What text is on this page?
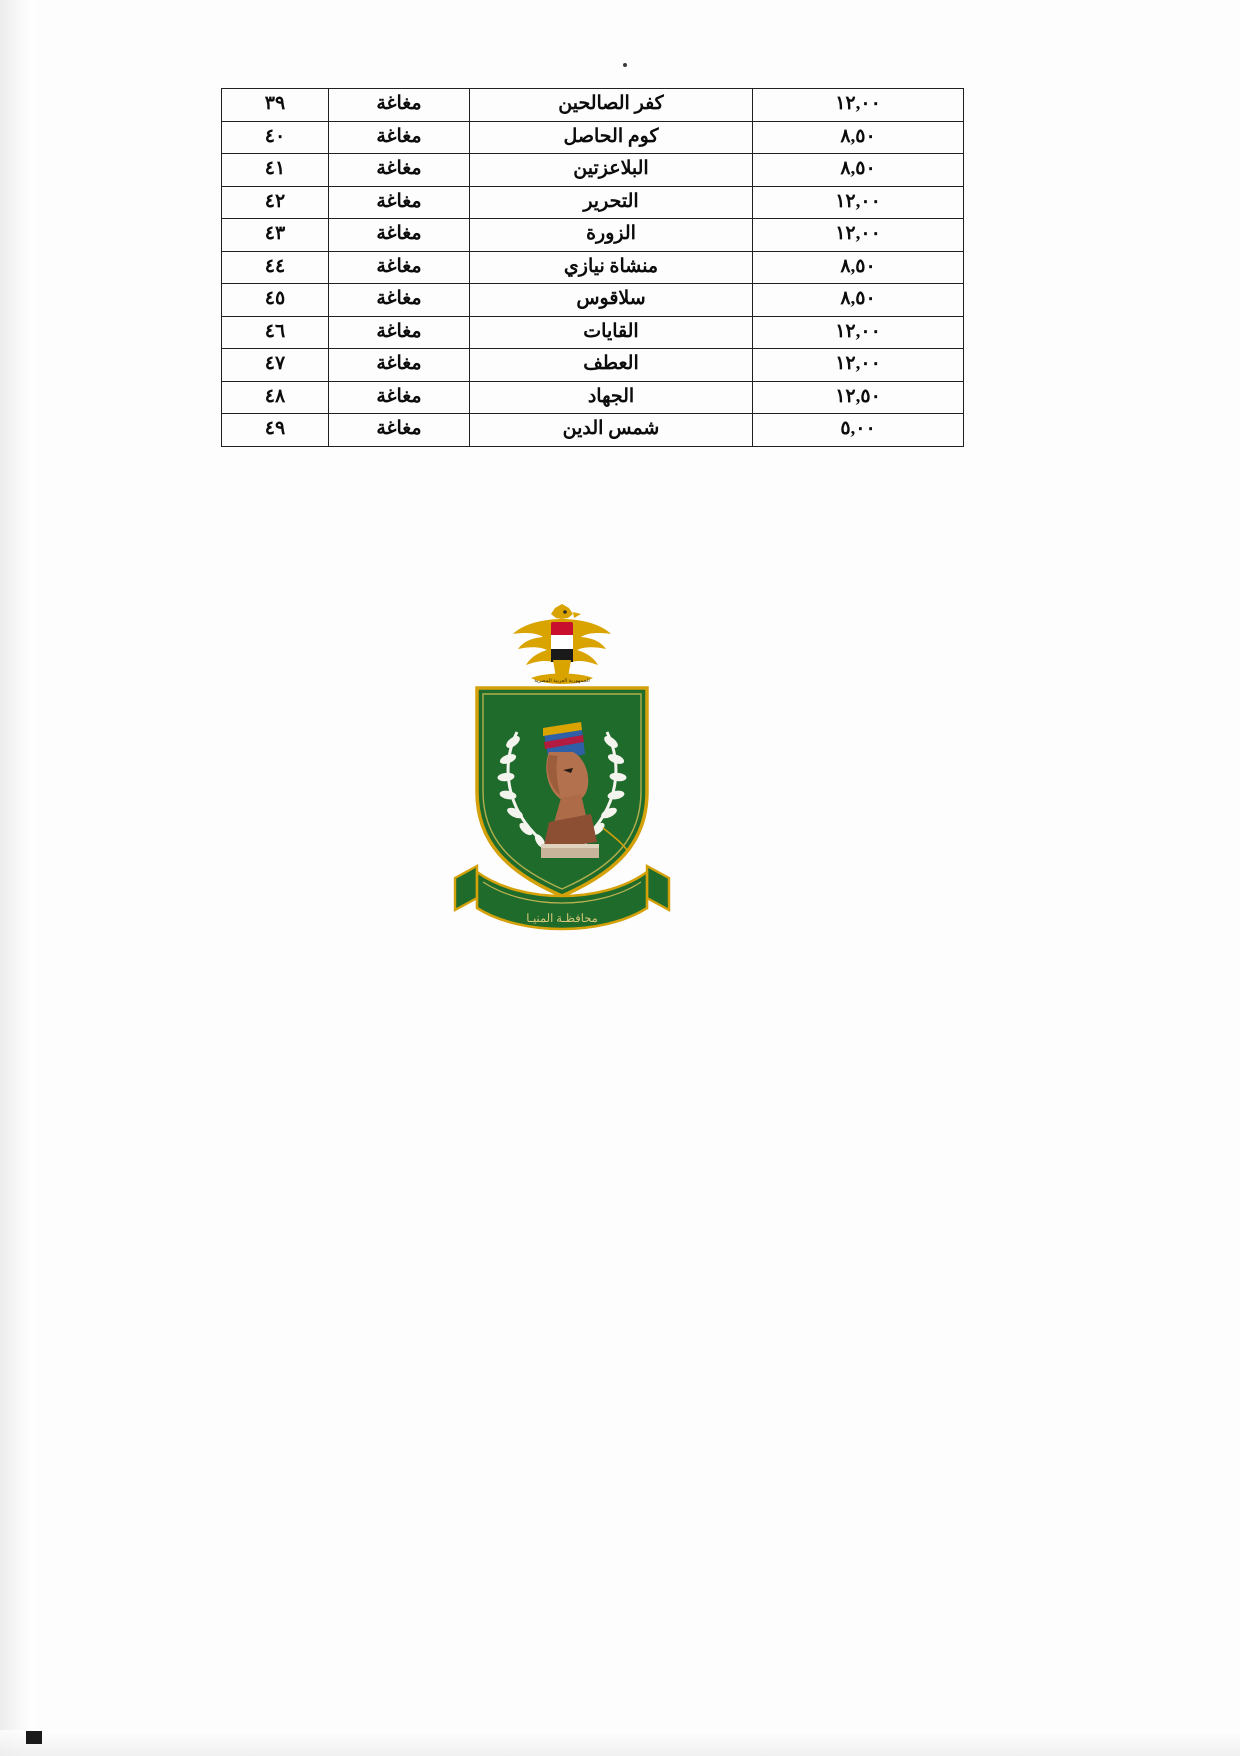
١٢,٠٠	كفر الصالحين	مغاغة	٣٩
٨,٥٠	كوم الحاصل	مغاغة	٤٠
٨,٥٠	البلاعزتين	مغاغة	٤١
١٢,٠٠	التحرير	مغاغة	٤٢
١٢,٠٠	الزورة	مغاغة	٤٣
٨,٥٠	منشاة نيازي	مغاغة	٤٤
٨,٥٠	سلاقوس	مغاغة	٤٥
١٢,٠٠	القايات	مغاغة	٤٦
١٢,٠٠	العطف	مغاغة	٤٧
١٢,٥٠	الجهاد	مغاغة	٤٨
٥,٠٠	شمس الدين	مغاغة	٤٩
الجمهورية العربية المصرية
محافظـة المنيـا
